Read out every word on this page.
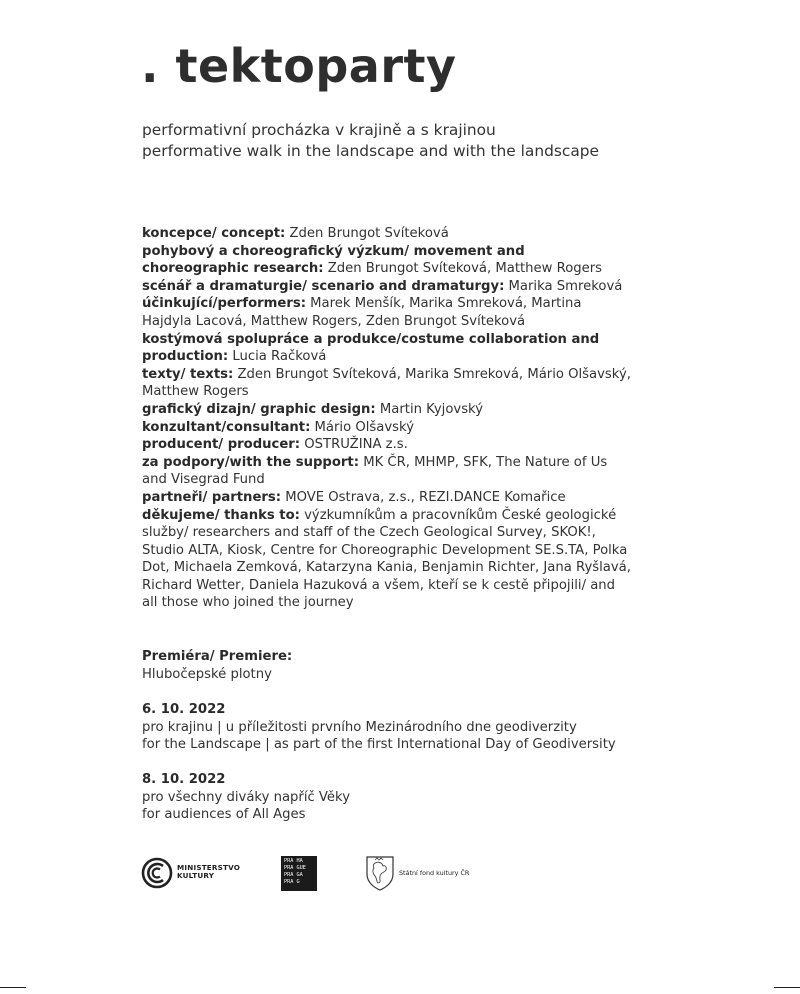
. tektoparty
performativní procházka v krajině a s krajinou
performative walk in the landscape and with the landscape

koncepce/ concept: Zden Brungot Svíteková

pohybový a choreografický výzkum/ movement and choreographic research: Zden Brungot Svíteková, Matthew Rogers

scénář a dramaturgie/ scenario and dramaturgy: Marika Smreková

účinkující/performers: Marek Menšík, Marika Smreková, Martina Hajdyla Lacová, Matthew Rogers, Zden Brungot Svíteková

kostýmová spolupráce a produkce/costume collaboration and production: Lucia Račková

texty/ texts: Zden Brungot Svíteková, Marika Smreková, Mário Olšavský, Matthew Rogers

grafický dizajn/ graphic design: Martin Kyjovský

konzultant/consultant: Mário Olšavský

producent/ producer: OSTRUŽINA z.s.

za podpory/with the support: MK ČR, MHMP, SFK, The Nature of Us and Visegrad Fund

partneři/ partners: MOVE Ostrava, z.s., REZI.DANCE Komařice

děkujeme/ thanks to: výzkumníkům a pracovníkům České geologické služby/ researchers and staff of the Czech Geological Survey, SKOK!, Studio ALTA, Kiosk, Centre for Choreographic Development SE.S.TA, Polka Dot, Michaela Zemková, Katarzyna Kania, Benjamin Richter, Jana Ryšlavá, Richard Wetter, Daniela Hazuková a všem, kteří se k cestě připojili/ and all those who joined the journey

Premiéra/ Premiere:

Hlubočepské plotny

6. 10. 2022

pro krajinu | u příležitosti prvního Mezinárodního dne geodiverzity

for the Landscape | as part of the first International Day of Geodiversity

8. 10. 2022

pro všechny diváky napříč Věky

for audiences of All Ages

MINISTERSTVO
KULTURY
PRA HA
PRA GUE
PRA GA
PRA G
Státní fond kultury ČR
